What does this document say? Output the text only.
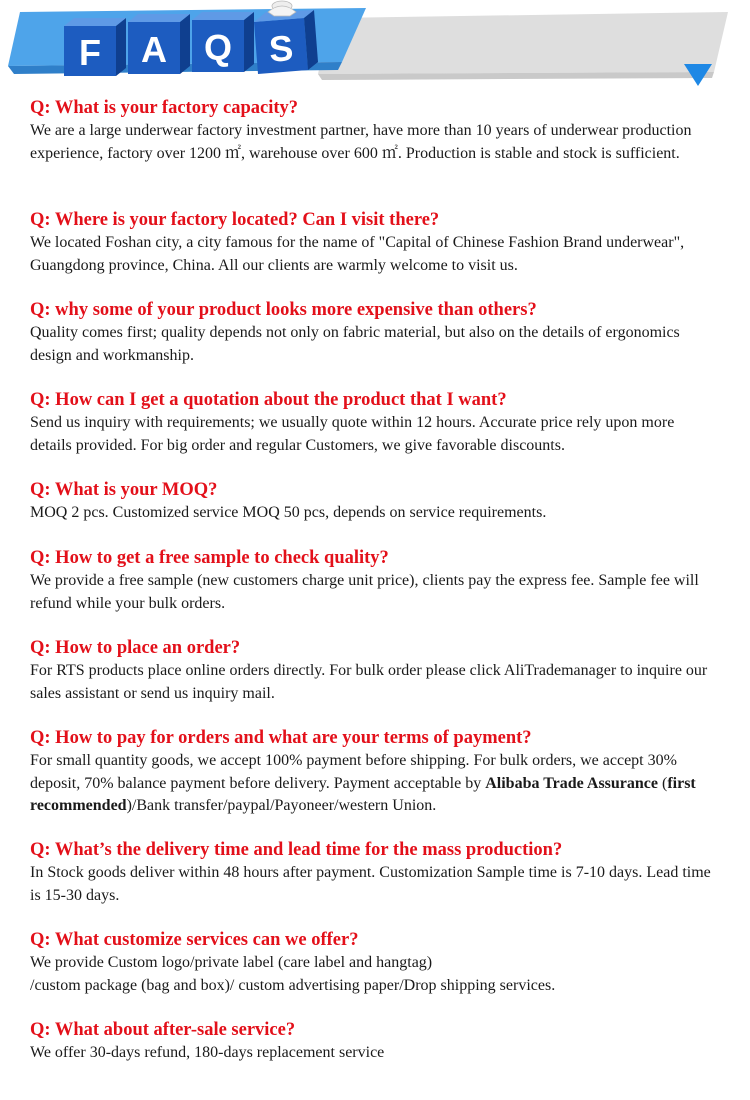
F A Q S
Q: What is your factory capacity?
We are a large underwear factory investment partner, have more than 10 years of underwear production experience, factory over 1200 ㎡, warehouse over 600 ㎡. Production is stable and stock is sufficient.
Q: Where is your factory located? Can I visit there?
We located Foshan city, a city famous for the name of "Capital of Chinese Fashion Brand underwear", Guangdong province, China. All our clients are warmly welcome to visit us.
Q: why some of your product looks more expensive than others?
Quality comes first; quality depends not only on fabric material, but also on the details of ergonomics design and workmanship.
Q: How can I get a quotation about the product that I want?
Send us inquiry with requirements; we usually quote within 12 hours. Accurate price rely upon more details provided. For big order and regular Customers, we give favorable discounts.
Q: What is your MOQ?
MOQ 2 pcs. Customized service MOQ 50 pcs, depends on service requirements.
Q: How to get a free sample to check quality?
We provide a free sample (new customers charge unit price), clients pay the express fee. Sample fee will refund while your bulk orders.
Q: How to place an order?
For RTS products place online orders directly. For bulk order please click AliTrademanager to inquire our sales assistant or send us inquiry mail.
Q: How to pay for orders and what are your terms of payment?
For small quantity goods, we accept 100% payment before shipping. For bulk orders, we accept 30% deposit, 70% balance payment before delivery. Payment acceptable by Alibaba Trade Assurance (first recommended)/Bank transfer/paypal/Payoneer/western Union.
Q: What’s the delivery time and lead time for the mass production?
In Stock goods deliver within 48 hours after payment. Customization Sample time is 7-10 days. Lead time is 15-30 days.
Q: What customize services can we offer?

We provide Custom logo/private label (care label and hangtag)

/custom package (bag and box)/ custom advertising paper/Drop shipping services.

Q: What about after-sale service?
We offer 30-days refund, 180-days replacement service
